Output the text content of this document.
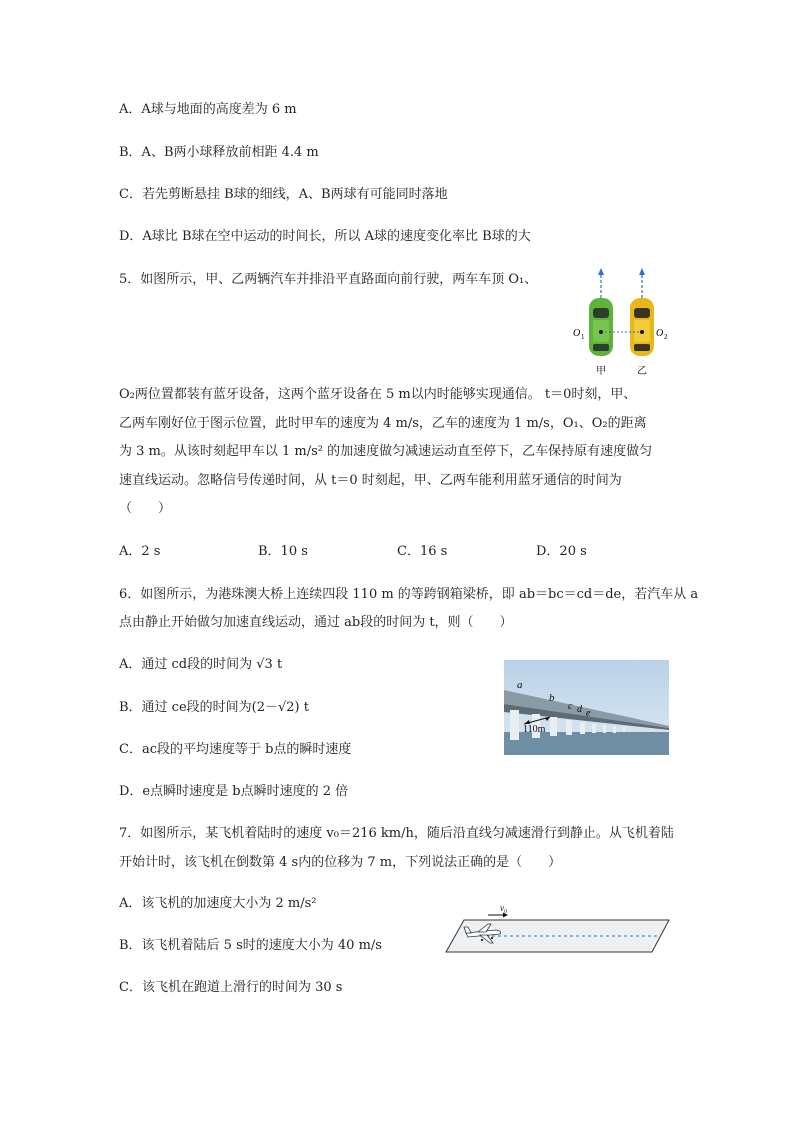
A．A球与地面的高度差为 6 m
B．A、B两小球释放前相距 4.4 m
C．若先剪断悬挂 B球的细线，A、B两球有可能同时落地
D．A球比 B球在空中运动的时间长，所以 A球的速度变化率比 B球的大
5．如图所示，甲、乙两辆汽车并排沿平直路面向前行驶，两车车顶 O₁、
O 1	O 2
甲	乙
O₂两位置都装有蓝牙设备，这两个蓝牙设备在 5 m以内时能够实现通信。 t＝0时刻，甲、
乙两车刚好位于图示位置，此时甲车的速度为 4 m/s，乙车的速度为 1 m/s，O₁、O₂的距离
为 3 m。从该时刻起甲车以 1 m/s² 的加速度做匀减速运动直至停下，乙车保持原有速度做匀
速直线运动。忽略信号传递时间，从 t＝0 时刻起，甲、乙两车能利用蓝牙通信的时间为
（　　）
A．2 s	B．10 s	C．16 s	D．20 s
6．如图所示，为港珠澳大桥上连续四段 110 m 的等跨钢箱梁桥，即 ab＝bc＝cd＝de，若汽车从 a
点由静止开始做匀加速直线运动，通过 ab段的时间为 t，则（　　）
A．通过 cd段的时间为 √3 t
B．通过 ce段的时间为(2－√2) t
C．ac段的平均速度等于 b点的瞬时速度
D．e点瞬时速度是 b点瞬时速度的 2 倍
a
b
c d e
110m
7．如图所示，某飞机着陆时的速度 v₀＝216 km/h，随后沿直线匀减速滑行到静止。从飞机着陆
开始计时，该飞机在倒数第 4 s内的位移为 7 m，下列说法正确的是（　　）
A．该飞机的加速度大小为 2 m/s²
B．该飞机着陆后 5 s时的速度大小为 40 m/s
C．该飞机在跑道上滑行的时间为 30 s
v₀
